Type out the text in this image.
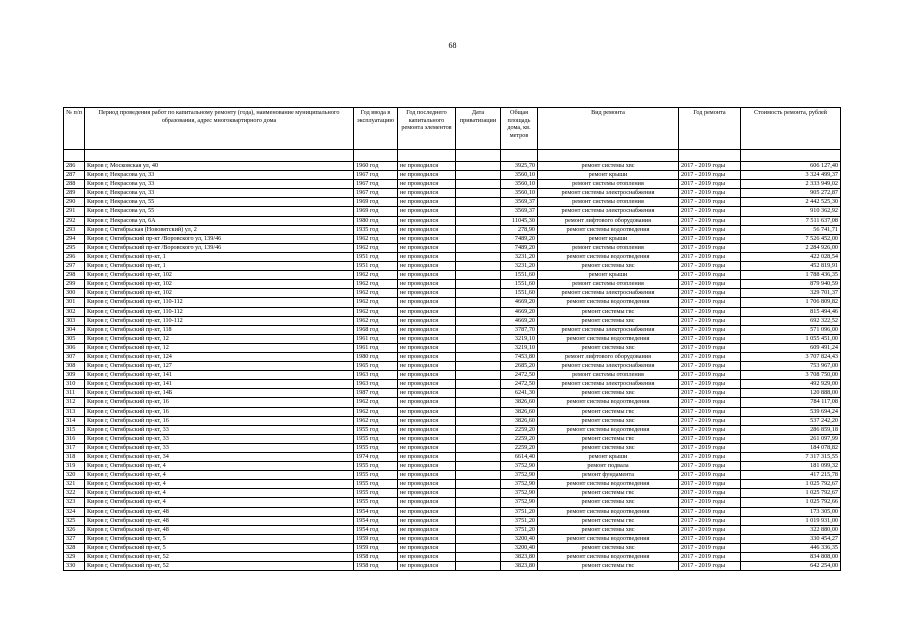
68
№ п/п	Период проведения работ по капитальному ремонту (года), наименование муниципального образования, адрес многоквартирного дома	Год ввода в эксплуатацию	Год последнего капитального ремонта элементов	Дата приватизации	Общая площадь дома, кв. метров	Вид ремонта	Год ремонта	Стоимость ремонта, рублей

286	Киров г, Московская ул, 40	1960 год	не проводился		3925,70	ремонт системы хвс	2017 - 2019 годы	606 127,40
287	Киров г, Некрасова ул, 33	1967 год	не проводился		3560,10	ремонт крыши	2017 - 2019 годы	3 324 499,37
288	Киров г, Некрасова ул, 33	1967 год	не проводился		3560,10	ремонт системы отопления	2017 - 2019 годы	2 333 949,02
289	Киров г, Некрасова ул, 33	1967 год	не проводился		3560,10	ремонт системы электроснабжения	2017 - 2019 годы	905 272,87
290	Киров г, Некрасова ул, 55	1969 год	не проводился		3569,37	ремонт системы отопления	2017 - 2019 годы	2 442 525,30
291	Киров г, Некрасова ул, 55	1969 год	не проводился		3569,37	ремонт системы электроснабжения	2017 - 2019 годы	910 362,92
292	Киров г, Некрасова ул, 6А	1980 год	не проводился		11045,30	ремонт лифтового оборудования	2017 - 2019 годы	7 511 637,08
293	Киров г, Октябрьская (Нововятский) ул, 2	1935 год	не проводился		278,90	ремонт системы водоотведения	2017 - 2019 годы	56 741,71
294	Киров г, Октябрьский пр-кт /Воровского ул, 139/46	1962 год	не проводился		7489,20	ремонт крыши	2017 - 2019 годы	7 526 452,00
295	Киров г, Октябрьский пр-кт /Воровского ул, 139/46	1962 год	не проводился		7489,20	ремонт системы отопления	2017 - 2019 годы	2 284 926,00
296	Киров г, Октябрьский пр-кт, 1	1951 год	не проводился		3231,20	ремонт системы водоотведения	2017 - 2019 годы	422 028,54
297	Киров г, Октябрьский пр-кт, 1	1951 год	не проводился		3231,20	ремонт системы хвс	2017 - 2019 годы	452 819,91
298	Киров г, Октябрьский пр-кт, 102	1962 год	не проводился		1551,60	ремонт крыши	2017 - 2019 годы	1 788 436,35
299	Киров г, Октябрьский пр-кт, 102	1962 год	не проводился		1551,60	ремонт системы отопления	2017 - 2019 годы	879 940,59
300	Киров г, Октябрьский пр-кт, 102	1962 год	не проводился		1551,60	ремонт системы электроснабжения	2017 - 2019 годы	329 701,37
301	Киров г, Октябрьский пр-кт, 110-112	1962 год	не проводился		4669,20	ремонт системы водоотведения	2017 - 2019 годы	1 706 809,82
302	Киров г, Октябрьский пр-кт, 110-112	1962 год	не проводился		4669,20	ремонт системы гвс	2017 - 2019 годы	815 494,46
303	Киров г, Октябрьский пр-кт, 110-112	1962 год	не проводился		4669,20	ремонт системы хвс	2017 - 2019 годы	692 322,52
304	Киров г, Октябрьский пр-кт, 118	1968 год	не проводился		3787,70	ремонт системы электроснабжения	2017 - 2019 годы	571 096,00
305	Киров г, Октябрьский пр-кт, 12	1961 год	не проводился		3219,10	ремонт системы водоотведения	2017 - 2019 годы	1 055 451,00
306	Киров г, Октябрьский пр-кт, 12	1961 год	не проводился		3219,10	ремонт системы хвс	2017 - 2019 годы	609 491,24
307	Киров г, Октябрьский пр-кт, 124	1980 год	не проводился		7453,80	ремонт лифтового оборудования	2017 - 2019 годы	3 707 824,43
308	Киров г, Октябрьский пр-кт, 127	1965 год	не проводился		2685,20	ремонт системы электроснабжения	2017 - 2019 годы	753 967,00
309	Киров г, Октябрьский пр-кт, 141	1963 год	не проводился		2472,50	ремонт системы отопления	2017 - 2019 годы	3 708 750,00
310	Киров г, Октябрьский пр-кт, 141	1963 год	не проводился		2472,50	ремонт системы электроснабжения	2017 - 2019 годы	492 929,00
311	Киров г, Октябрьский пр-кт, 14Б	1987 год	не проводился		6241,30	ремонт системы хвс	2017 - 2019 годы	120 888,00
312	Киров г, Октябрьский пр-кт, 16	1962 год	не проводился		3826,60	ремонт системы водоотведения	2017 - 2019 годы	784 117,08
313	Киров г, Октябрьский пр-кт, 16	1962 год	не проводился		3826,60	ремонт системы гвс	2017 - 2019 годы	539 694,24
314	Киров г, Октябрьский пр-кт, 16	1962 год	не проводился		3826,60	ремонт системы хвс	2017 - 2019 годы	537 242,20
315	Киров г, Октябрьский пр-кт, 33	1955 год	не проводился		2259,20	ремонт системы водоотведения	2017 - 2019 годы	286 859,18
316	Киров г, Октябрьский пр-кт, 33	1955 год	не проводился		2259,20	ремонт системы гвс	2017 - 2019 годы	261 097,99
317	Киров г, Октябрьский пр-кт, 33	1955 год	не проводился		2259,20	ремонт системы хвс	2017 - 2019 годы	184 078,82
318	Киров г, Октябрьский пр-кт, 34	1974 год	не проводился		6614,40	ремонт крыши	2017 - 2019 годы	7 317 315,55
319	Киров г, Октябрьский пр-кт, 4	1955 год	не проводился		3752,90	ремонт подвала	2017 - 2019 годы	181 099,32
320	Киров г, Октябрьский пр-кт, 4	1955 год	не проводился		3752,90	ремонт фундамента	2017 - 2019 годы	417 215,78
321	Киров г, Октябрьский пр-кт, 4	1955 год	не проводился		3752,90	ремонт системы водоотведения	2017 - 2019 годы	1 025 792,67
322	Киров г, Октябрьский пр-кт, 4	1955 год	не проводился		3752,90	ремонт системы гвс	2017 - 2019 годы	1 025 792,67
323	Киров г, Октябрьский пр-кт, 4	1955 год	не проводился		3752,90	ремонт системы хвс	2017 - 2019 годы	1 025 792,66
324	Киров г, Октябрьский пр-кт, 48	1954 год	не проводился		3751,20	ремонт системы водоотведения	2017 - 2019 годы	173 305,00
325	Киров г, Октябрьский пр-кт, 48	1954 год	не проводился		3751,20	ремонт системы гвс	2017 - 2019 годы	1 019 931,00
326	Киров г, Октябрьский пр-кт, 48	1954 год	не проводился		3751,20	ремонт системы хвс	2017 - 2019 годы	322 880,00
327	Киров г, Октябрьский пр-кт, 5	1959 год	не проводился		3200,40	ремонт системы водоотведения	2017 - 2019 годы	330 454,27
328	Киров г, Октябрьский пр-кт, 5	1959 год	не проводился		3200,40	ремонт системы хвс	2017 - 2019 годы	446 336,35
329	Киров г, Октябрьский пр-кт, 52	1958 год	не проводился		3823,80	ремонт системы водоотведения	2017 - 2019 годы	834 808,00
330	Киров г, Октябрьский пр-кт, 52	1958 год	не проводился		3823,80	ремонт системы гвс	2017 - 2019 годы	642 254,00
